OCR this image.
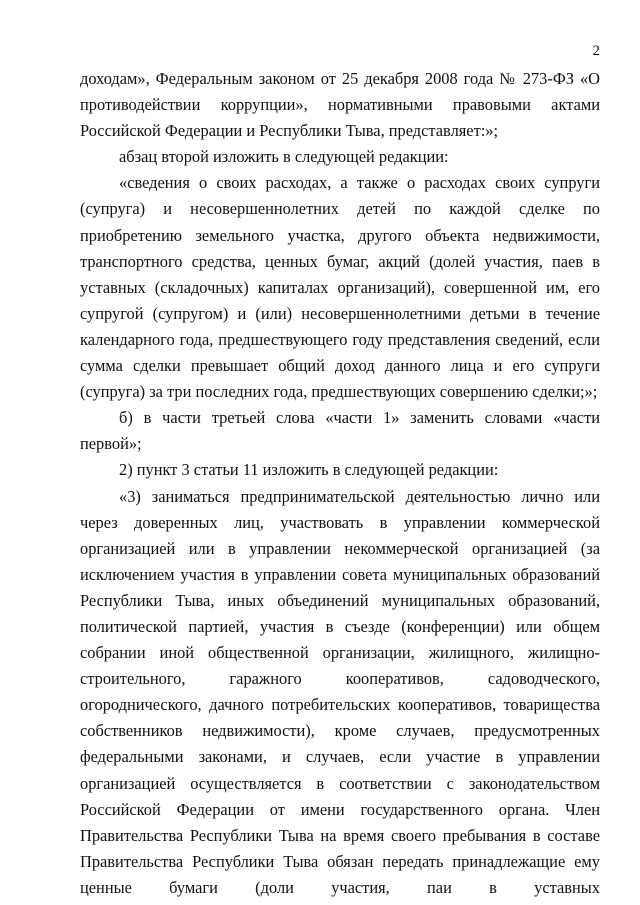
2

доходам», Федеральным законом от 25 декабря 2008 года № 273-ФЗ «О противодействии коррупции», нормативными правовыми актами Российской Федерации и Республики Тыва, представляет:»;

абзац второй изложить в следующей редакции:

«сведения о своих расходах, а также о расходах своих супруги (супруга) и несовершеннолетних детей по каждой сделке по приобретению земельного участка, другого объекта недвижимости, транспортного средства, ценных бумаг, акций (долей участия, паев в уставных (складочных) капиталах организаций), совершенной им, его супругой (супругом) и (или) несовершеннолетними детьми в течение календарного года, предшествующего году представления сведений, если сумма сделки превышает общий доход данного лица и его супруги (супруга) за три последних года, предшествующих совершению сделки;»;

б) в части третьей слова «части 1» заменить словами «части первой»;

2) пункт 3 статьи 11 изложить в следующей редакции:

«3) заниматься предпринимательской деятельностью лично или через доверенных лиц, участвовать в управлении коммерческой организацией или в управлении некоммерческой организацией (за исключением участия в управлении совета муниципальных образований Республики Тыва, иных объединений муниципальных образований, политической партией, участия в съезде (конференции) или общем собрании иной общественной организации, жилищного, жилищно-строительного, гаражного кооперативов, садоводческого, огороднического, дачного потребительских кооперативов, товарищества собственников недвижимости), кроме случаев, предусмотренных федеральными законами, и случаев, если участие в управлении организацией осуществляется в соответствии с законодательством Российской Федерации от имени государственного органа. Член Правительства Республики Тыва на время своего пребывания в составе Правительства Республики Тыва обязан передать принадлежащие ему ценные бумаги (доли участия, паи в уставных
